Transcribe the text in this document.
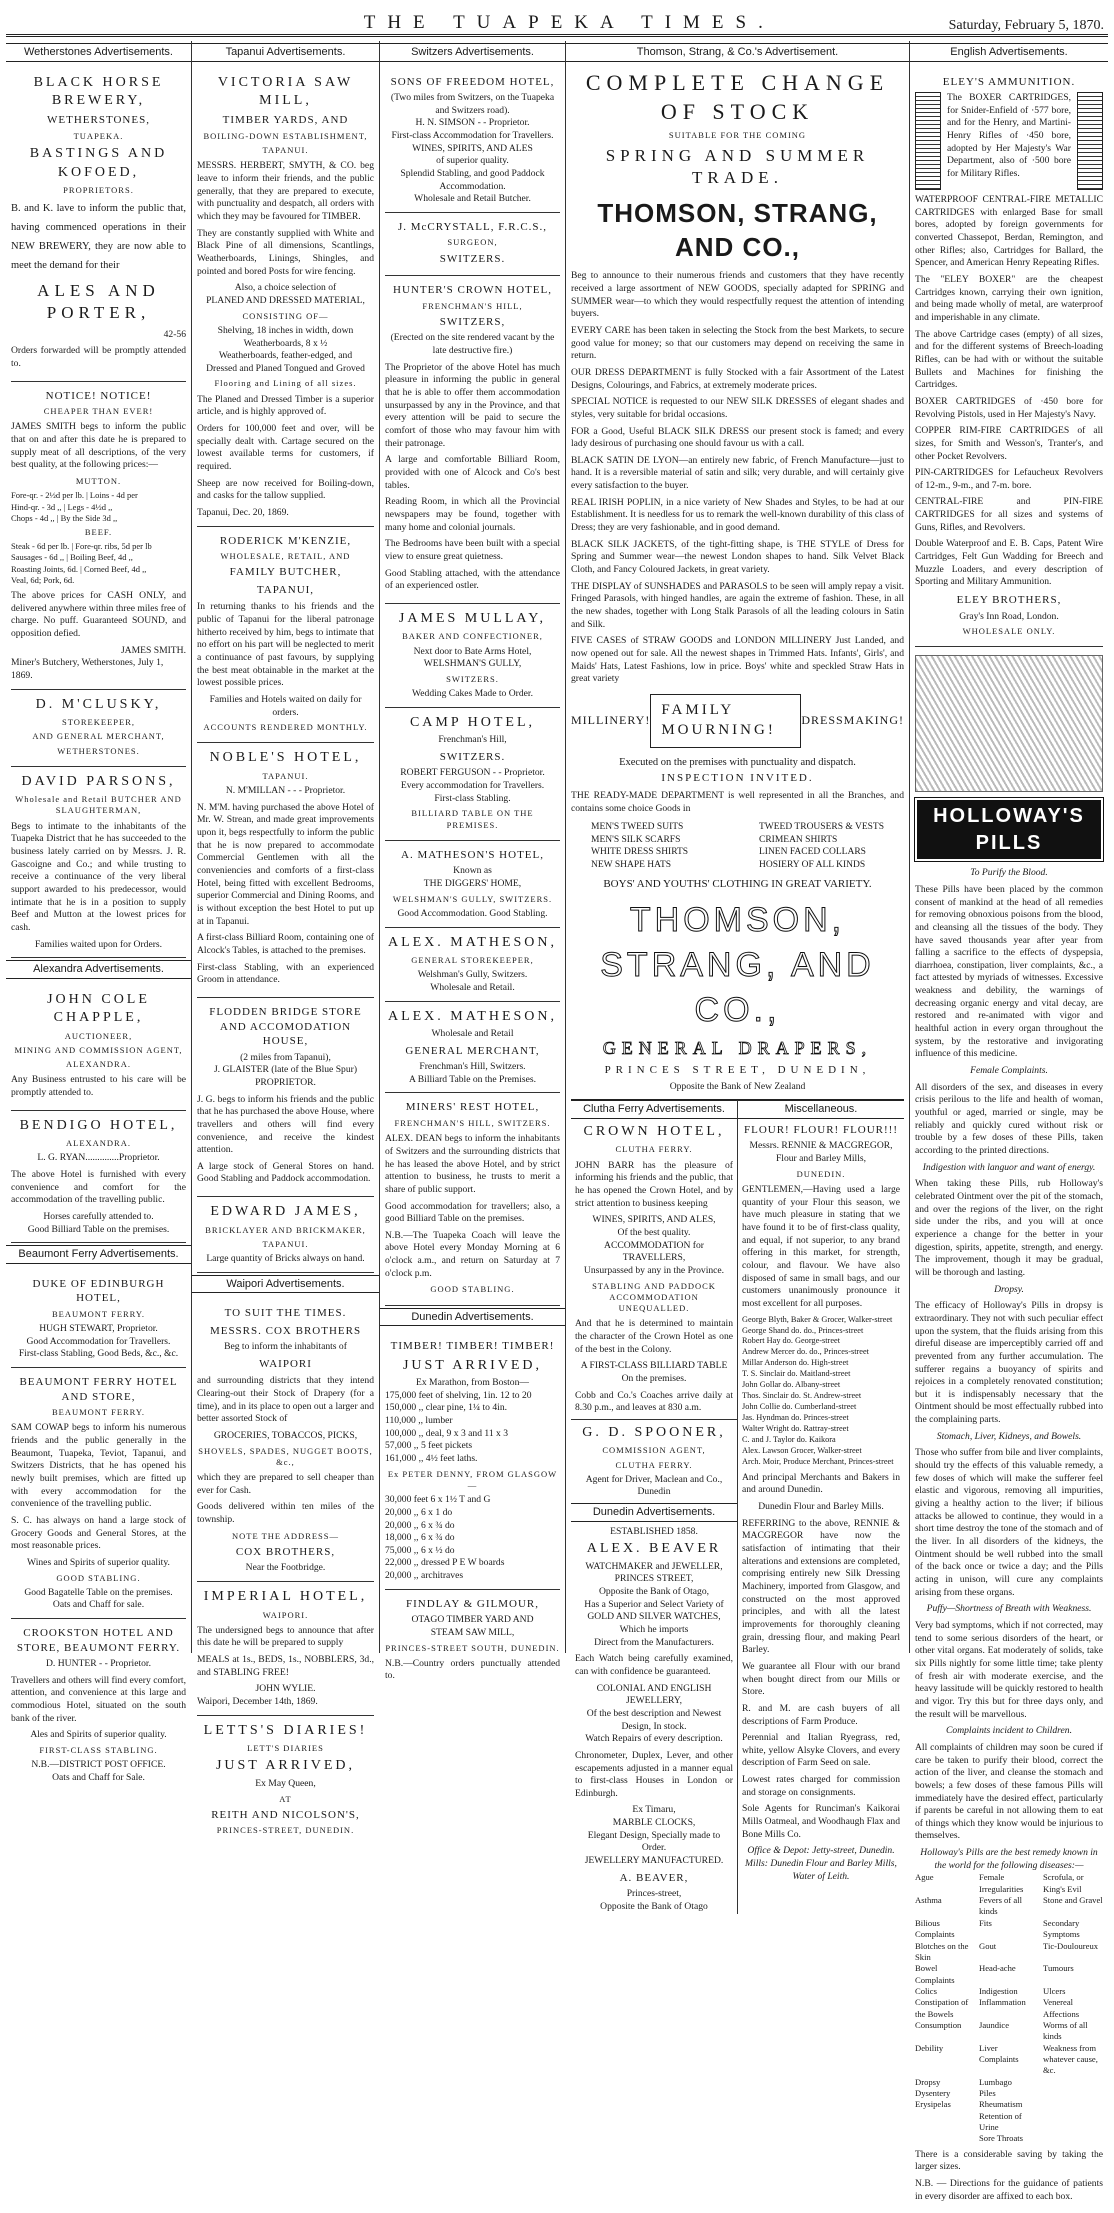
THE TUAPEKA TIMES.	Saturday, February 5, 1870.
Wetherstones Advertisements.
BLACK HORSE BREWERY,
WETHERSTONES,
TUAPEKA.
BASTINGS AND KOFOED,
PROPRIETORS.
B. and K. lave to inform the public that, having commenced operations in their NEW BREWERY, they are now able to meet the demand for their
ALES AND PORTER,
42-56
Orders forwarded will be promptly attended to.
NOTICE! NOTICE!
CHEAPER THAN EVER!
JAMES SMITH begs to inform the public that on and after this date he is prepared to supply meat of all descriptions, of the very best quality, at the following prices:—
MUTTON.
Fore-qr. - 2½d per lb. | Loins - 4d per
Hind-qr. - 3d ,, | Legs - 4½d ,,
Chops - 4d ,, | By the Side 3d ,,
BEEF.
Steak - 6d per lb. | Fore-qr. ribs, 5d per lb
Sausages - 6d ,, | Boiling Beef, 4d ,,
Roasting Joints, 6d. | Corned Beef, 4d ,,
Veal, 6d; Pork, 6d.
The above prices for CASH ONLY, and delivered anywhere within three miles free of charge. No puff. Guaranteed SOUND, and opposition defied.
JAMES SMITH.
Miner's Butchery, Wetherstones, July 1, 1869.
D. M'CLUSKY,
STOREKEEPER,
AND GENERAL MERCHANT,
WETHERSTONES.
DAVID PARSONS,
Wholesale and Retail BUTCHER AND SLAUGHTERMAN,
Begs to intimate to the inhabitants of the Tuapeka District that he has succeeded to the business lately carried on by Messrs. J. R. Gascoigne and Co.; and while trusting to receive a continuance of the very liberal support awarded to his predecessor, would intimate that he is in a position to supply Beef and Mutton at the lowest prices for cash.
Families waited upon for Orders.
Alexandra Advertisements.
JOHN COLE CHAPPLE,
AUCTIONEER,
MINING AND COMMISSION AGENT,
ALEXANDRA.
Any Business entrusted to his care will be promptly attended to.
BENDIGO HOTEL,
ALEXANDRA.
L. G. RYAN..............Proprietor.
The above Hotel is furnished with every convenience and comfort for the accommodation of the travelling public.
Horses carefully attended to.
Good Billiard Table on the premises.
Beaumont Ferry Advertisements.
DUKE OF EDINBURGH HOTEL,
BEAUMONT FERRY.
HUGH STEWART, Proprietor.
Good Accommodation for Travellers.
First-class Stabling, Good Beds, &c., &c.
BEAUMONT FERRY HOTEL AND STORE,
BEAUMONT FERRY.
SAM COWAP begs to inform his numerous friends and the public generally in the Beaumont, Tuapeka, Teviot, Tapanui, and Switzers Districts, that he has opened his newly built premises, which are fitted up with every accommodation for the convenience of the travelling public.
S. C. has always on hand a large stock of Grocery Goods and General Stores, at the most reasonable prices.
Wines and Spirits of superior quality.
GOOD STABLING.
Good Bagatelle Table on the premises.
Oats and Chaff for sale.
CROOKSTON HOTEL AND STORE, BEAUMONT FERRY.
D. HUNTER - - Proprietor.
Travellers and others will find every comfort, attention, and convenience at this large and commodious Hotel, situated on the south bank of the river.
Ales and Spirits of superior quality.
FIRST-CLASS STABLING.
N.B.—DISTRICT POST OFFICE.
Oats and Chaff for Sale.
Tapanui Advertisements.
VICTORIA SAW MILL,
TIMBER YARDS, AND
BOILING-DOWN ESTABLISHMENT,
TAPANUI.
MESSRS. HERBERT, SMYTH, & CO. beg leave to inform their friends, and the public generally, that they are prepared to execute, with punctuality and despatch, all orders with which they may be favoured for TIMBER.
They are constantly supplied with White and Black Pine of all dimensions, Scantlings, Weatherboards, Linings, Shingles, and pointed and bored Posts for wire fencing.
Also, a choice selection of
PLANED AND DRESSED MATERIAL,
CONSISTING OF—
Shelving, 18 inches in width, down
Weatherboards, 8 x ½
Weatherboards, feather-edged, and
Dressed and Planed Tongued and Groved
Flooring and Lining of all sizes.
The Planed and Dressed Timber is a superior article, and is highly approved of.
Orders for 100,000 feet and over, will be specially dealt with. Cartage secured on the lowest available terms for customers, if required.
Sheep are now received for Boiling-down, and casks for the tallow supplied.
Tapanui, Dec. 20, 1869.
RODERICK M'KENZIE,
WHOLESALE, RETAIL, AND
FAMILY BUTCHER,
TAPANUI,
In returning thanks to his friends and the public of Tapanui for the liberal patronage hitherto received by him, begs to intimate that no effort on his part will be neglected to merit a continuance of past favours, by supplying the best meat obtainable in the market at the lowest possible prices.
Families and Hotels waited on daily for orders.
ACCOUNTS RENDERED MONTHLY.
NOBLE'S HOTEL,
TAPANUI.
N. M'MILLAN - - - Proprietor.
N. M'M. having purchased the above Hotel of Mr. W. Strean, and made great improvements upon it, begs respectfully to inform the public that he is now prepared to accommodate Commercial Gentlemen with all the conveniencies and comforts of a first-class Hotel, being fitted with excellent Bedrooms, superior Commercial and Dining Rooms, and is without exception the best Hotel to put up at in Tapanui.
A first-class Billiard Room, containing one of Alcock's Tables, is attached to the premises.
First-class Stabling, with an experienced Groom in attendance.
FLODDEN BRIDGE STORE AND ACCOMODATION HOUSE,
(2 miles from Tapanui),
J. GLAISTER (late of the Blue Spur) PROPRIETOR.
J. G. begs to inform his friends and the public that he has purchased the above House, where travellers and others will find every convenience, and receive the kindest attention.
A large stock of General Stores on hand. Good Stabling and Paddock accommodation.
EDWARD JAMES,
BRICKLAYER AND BRICKMAKER,
TAPANUI.
Large quantity of Bricks always on hand.
Waipori Advertisements.
TO SUIT THE TIMES.
MESSRS. COX BROTHERS
Beg to inform the inhabitants of
WAIPORI
and surrounding districts that they intend Clearing-out their Stock of Drapery (for a time), and in its place to open out a larger and better assorted Stock of
GROCERIES, TOBACCOS, PICKS,
SHOVELS, SPADES, NUGGET BOOTS, &c.,
which they are prepared to sell cheaper than ever for Cash.
Goods delivered within ten miles of the township.
NOTE THE ADDRESS—
COX BROTHERS,
Near the Footbridge.
IMPERIAL HOTEL,
WAIPORI.
The undersigned begs to announce that after this date he will be prepared to supply
MEALS at 1s., BEDS, 1s., NOBBLERS, 3d., and STABLING FREE!
JOHN WYLIE.
Waipori, December 14th, 1869.
LETTS'S DIARIES!
LETT'S DIARIES
JUST ARRIVED,
Ex May Queen,
AT
REITH AND NICOLSON'S,
PRINCES-STREET, DUNEDIN.
Switzers Advertisements.
SONS OF FREEDOM HOTEL,
(Two miles from Switzers, on the Tuapeka and Switzers road).
H. N. SIMSON - - Proprietor.
First-class Accommodation for Travellers.
WINES, SPIRITS, AND ALES
of superior quality.
Splendid Stabling, and good Paddock Accommodation.
Wholesale and Retail Butcher.
J. McCRYSTALL, F.R.C.S.,
SURGEON,
SWITZERS.
HUNTER'S CROWN HOTEL,
FRENCHMAN'S HILL,
SWITZERS,
(Erected on the site rendered vacant by the late destructive fire.)
The Proprietor of the above Hotel has much pleasure in informing the public in general that he is able to offer them accommodation unsurpassed by any in the Province, and that every attention will be paid to secure the comfort of those who may favour him with their patronage.
A large and comfortable Billiard Room, provided with one of Alcock and Co's best tables.
Reading Room, in which all the Provincial newspapers may be found, together with many home and colonial journals.
The Bedrooms have been built with a special view to ensure great quietness.
Good Stabling attached, with the attendance of an experienced ostler.
JAMES MULLAY,
BAKER AND CONFECTIONER,
Next door to Bate Arms Hotel,
WELSHMAN'S GULLY,
SWITZERS.
Wedding Cakes Made to Order.
CAMP HOTEL,
Frenchman's Hill,
SWITZERS.
ROBERT FERGUSON - - Proprietor.
Every accommodation for Travellers.
First-class Stabling.
BILLIARD TABLE ON THE PREMISES.
A. MATHESON'S HOTEL,
Known as
THE DIGGERS' HOME,
WELSHMAN'S GULLY, SWITZERS.
Good Accommodation. Good Stabling.
ALEX. MATHESON,
GENERAL STOREKEEPER,
Welshman's Gully, Switzers.
Wholesale and Retail.
ALEX. MATHESON,
Wholesale and Retail
GENERAL MERCHANT,
Frenchman's Hill, Switzers.
A Billiard Table on the Premises.
MINERS' REST HOTEL,
FRENCHMAN'S HILL, SWITZERS.
ALEX. DEAN begs to inform the inhabitants of Switzers and the surrounding districts that he has leased the above Hotel, and by strict attention to business, he trusts to merit a share of public support.
Good accommodation for travellers; also, a good Billiard Table on the premises.
N.B.—The Tuapeka Coach will leave the above Hotel every Monday Morning at 6 o'clock a.m., and return on Saturday at 7 o'clock p.m.
GOOD STABLING.
Dunedin Advertisements.
TIMBER! TIMBER! TIMBER!
JUST ARRIVED,
Ex Marathon, from Boston—
175,000 feet of shelving, 1in. 12 to 20
150,000 ,, clear pine, 1¼ to 4in.
110,000 ,, lumber
100,000 ,, deal, 9 x 3 and 11 x 3
57,000 ,, 5 feet pickets
161,000 ,, 4½ feet laths.
Ex PETER DENNY, FROM GLASGOW—
30,000 feet 6 x 1½ T and G
20,000 ,, 6 x 1 do
20,000 ,, 6 x ¾ do
18,000 ,, 6 x ¾ do
75,000 ,, 6 x ½ do
22,000 ,, dressed P E W boards
20,000 ,, architraves
FINDLAY & GILMOUR,
OTAGO TIMBER YARD AND
STEAM SAW MILL,
PRINCES-STREET SOUTH, DUNEDIN.
N.B.—Country orders punctually attended to.
Thomson, Strang, & Co.'s Advertisement.
COMPLETE CHANGE OF STOCK
SUITABLE FOR THE COMING
SPRING AND SUMMER TRADE.
THOMSON, STRANG, AND CO.,
Beg to announce to their numerous friends and customers that they have recently received a large assortment of NEW GOODS, specially adapted for SPRING and SUMMER wear—to which they would respectfully request the attention of intending buyers.
EVERY CARE has been taken in selecting the Stock from the best Markets, to secure good value for money; so that our customers may depend on receiving the same in return.
OUR DRESS DEPARTMENT is fully Stocked with a fair Assortment of the Latest Designs, Colourings, and Fabrics, at extremely moderate prices.
SPECIAL NOTICE is requested to our NEW SILK DRESSES of elegant shades and styles, very suitable for bridal occasions.
FOR a Good, Useful BLACK SILK DRESS our present stock is famed; and every lady desirous of purchasing one should favour us with a call.
BLACK SATIN DE LYON—an entirely new fabric, of French Manufacture—just to hand. It is a reversible material of satin and silk; very durable, and will certainly give every satisfaction to the buyer.
REAL IRISH POPLIN, in a nice variety of New Shades and Styles, to be had at our Establishment. It is needless for us to remark the well-known durability of this class of Dress; they are very fashionable, and in good demand.
BLACK SILK JACKETS, of the tight-fitting shape, is THE STYLE of Dress for Spring and Summer wear—the newest London shapes to hand. Silk Velvet Black Cloth, and Fancy Coloured Jackets, in great variety.
THE DISPLAY of SUNSHADES and PARASOLS to be seen will amply repay a visit. Fringed Parasols, with hinged handles, are again the extreme of fashion. These, in all the new shades, together with Long Stalk Parasols of all the leading colours in Satin and Silk.
FIVE CASES of STRAW GOODS and LONDON MILLINERY Just Landed, and now opened out for sale. All the newest shapes in Trimmed Hats. Infants', Girls', and Maids' Hats, Latest Fashions, low in price. Boys' white and speckled Straw Hats in great variety
MILLINERY!
FAMILY MOURNING!
DRESSMAKING!
Executed on the premises with punctuality and dispatch.
INSPECTION INVITED.
THE READY-MADE DEPARTMENT is well represented in all the Branches, and contains some choice Goods in
MEN'S TWEED SUITS
MEN'S SILK SCARFS
WHITE DRESS SHIRTS
NEW SHAPE HATS
TWEED TROUSERS & VESTS
CRIMEAN SHIRTS
LINEN FACED COLLARS
HOSIERY OF ALL KINDS
BOYS' AND YOUTHS' CLOTHING IN GREAT VARIETY.
THOMSON, STRANG, AND CO.,
GENERAL DRAPERS,
PRINCES STREET, DUNEDIN,
Opposite the Bank of New Zealand
Clutha Ferry Advertisements.
CROWN HOTEL,
CLUTHA FERRY.
JOHN BARR has the pleasure of informing his friends and the public, that he has opened the Crown Hotel, and by strict attention to business keeping
WINES, SPIRITS, AND ALES,
Of the best quality.
ACCOMMODATION for TRAVELLERS,
Unsurpassed by any in the Province.
STABLING AND PADDOCK ACCOMMODATION UNEQUALLED.
And that he is determined to maintain the character of the Crown Hotel as one of the best in the Colony.
A FIRST-CLASS BILLIARD TABLE
On the premises.
Cobb and Co.'s Coaches arrive daily at 8.30 p.m., and leaves at 830 a.m.
G. D. SPOONER,
COMMISSION AGENT,
CLUTHA FERRY.
Agent for Driver, Maclean and Co., Dunedin
Dunedin Advertisements.
ESTABLISHED 1858.
ALEX. BEAVER
WATCHMAKER and JEWELLER,
PRINCES STREET,
Opposite the Bank of Otago,
Has a Superior and Select Variety of
GOLD AND SILVER WATCHES,
Which he imports
Direct from the Manufacturers.
Each Watch being carefully examined, can with confidence be guaranteed.
COLONIAL AND ENGLISH JEWELLERY,
Of the best description and Newest Design, In stock.
Watch Repairs of every description.
Chronometer, Duplex, Lever, and other escapements adjusted in a manner equal to first-class Houses in London or Edinburgh.
Ex Timaru,
MARBLE CLOCKS,
Elegant Design, Specially made to Order.
JEWELLERY MANUFACTURED.
A. BEAVER,
Princes-street,
Opposite the Bank of Otago
Miscellaneous.
FLOUR! FLOUR! FLOUR!!!
Messrs. RENNIE & MACGREGOR,
Flour and Barley Mills,
DUNEDIN.
GENTLEMEN,—Having used a large quantity of your Flour this season, we have much pleasure in stating that we have found it to be of first-class quality, and equal, if not superior, to any brand offering in this market, for strength, colour, and flavour. We have also disposed of same in small bags, and our customers unanimously pronounce it most excellent for all purposes.
George Blyth, Baker & Grocer, Walker-street
George Shand do. do., Princes-street
Robert Hay do. George-street
Andrew Mercer do. do., Princes-street
Millar Anderson do. High-street
T. S. Sinclair do. Maitland-street
John Gollar do. Albany-street
Thos. Sinclair do. St. Andrew-street
John Collie do. Cumberland-street
Jas. Hyndman do. Princes-street
Walter Wright do. Rattray-street
C. and J. Taylor do. Kaikora
Alex. Lawson Grocer, Walker-street
Arch. Moir, Produce Merchant, Princes-street
And principal Merchants and Bakers in and around Dunedin.
Dunedin Flour and Barley Mills.
REFERRING to the above, RENNIE & MACGREGOR have now the satisfaction of intimating that their alterations and extensions are completed, comprising entirely new Silk Dressing Machinery, imported from Glasgow, and constructed on the most approved principles, and with all the latest improvements for thoroughly cleaning grain, dressing flour, and making Pearl Barley.
We guarantee all Flour with our brand when bought direct from our Mills or Store.
R. and M. are cash buyers of all descriptions of Farm Produce.
Perennial and Italian Ryegrass, red, white, yellow Alsyke Clovers, and every description of Farm Seed on sale.
Lowest rates charged for commission and storage on consignments.
Sole Agents for Runciman's Kaikorai Mills Oatmeal, and Woodhaugh Flax and Bone Mills Co.
Office & Depot: Jetty-street, Dunedin.
Mills: Dunedin Flour and Barley Mills, Water of Leith.
English Advertisements.
ELEY'S AMMUNITION.
The BOXER CARTRIDGES, for Snider-Enfield of ·577 bore, and for the Henry, and Martini-Henry Rifles of ·450 bore, adopted by Her Majesty's War Department, also of ·500 bore for Military Rifles.
WATERPROOF CENTRAL-FIRE METALLIC CARTRIDGES with enlarged Base for small bores, adopted by foreign governments for converted Chassepot, Berdan, Remington, and other Rifles; also, Cartridges for Ballard, the Spencer, and American Henry Repeating Rifles.
The "ELEY BOXER" are the cheapest Cartridges known, carrying their own ignition, and being made wholly of metal, are waterproof and imperishable in any climate.
The above Cartridge cases (empty) of all sizes, and for the different systems of Breech-loading Rifles, can be had with or without the suitable Bullets and Machines for finishing the Cartridges.
BOXER CARTRIDGES of ·450 bore for Revolving Pistols, used in Her Majesty's Navy.
COPPER RIM-FIRE CARTRIDGES of all sizes, for Smith and Wesson's, Tranter's, and other Pocket Revolvers.
PIN-CARTRIDGES for Lefaucheux Revolvers of 12-m., 9-m., and 7-m. bore.
CENTRAL-FIRE and PIN-FIRE CARTRIDGES for all sizes and systems of Guns, Rifles, and Revolvers.
Double Waterproof and E. B. Caps, Patent Wire Cartridges, Felt Gun Wadding for Breech and Muzzle Loaders, and every description of Sporting and Military Ammunition.
ELEY BROTHERS,
Gray's Inn Road, London.
WHOLESALE ONLY.
HOLLOWAY'S PILLS
To Purify the Blood.
These Pills have been placed by the common consent of mankind at the head of all remedies for removing obnoxious poisons from the blood, and cleansing all the tissues of the body. They have saved thousands year after year from falling a sacrifice to the effects of dyspepsia, diarrhoea, constipation, liver complaints, &c., a fact attested by myriads of witnesses. Excessive weakness and debility, the warnings of decreasing organic energy and vital decay, are restored and re-animated with vigor and healthful action in every organ throughout the system, by the restorative and invigorating influence of this medicine.
Female Complaints.
All disorders of the sex, and diseases in every crisis perilous to the life and health of woman, youthful or aged, married or single, may be reliably and quickly cured without risk or trouble by a few doses of these Pills, taken according to the printed directions.
Indigestion with languor and want of energy.
When taking these Pills, rub Holloway's celebrated Ointment over the pit of the stomach, and over the regions of the liver, on the right side under the ribs, and you will at once experience a change for the better in your digestion, spirits, appetite, strength, and energy. The improvement, though it may be gradual, will be thorough and lasting.
Dropsy.
The efficacy of Holloway's Pills in dropsy is extraordinary. They not with such peculiar effect upon the system, that the fluids arising from this direful disease are imperceptibly carried off and prevented from any further accumulation. The sufferer regains a buoyancy of spirits and rejoices in a completely renovated constitution; but it is indispensably necessary that the Ointment should be most effectually rubbed into the complaining parts.
Stomach, Liver, Kidneys, and Bowels.
Those who suffer from bile and liver complaints, should try the effects of this valuable remedy, a few doses of which will make the sufferer feel elastic and vigorous, removing all impurities, giving a healthy action to the liver; if bilious attacks be allowed to continue, they would in a short time destroy the tone of the stomach and of the liver. In all disorders of the kidneys, the Ointment should be well rubbed into the small of the back once or twice a day; and the Pills acting in unison, will cure any complaints arising from these organs.
Puffy—Shortness of Breath with Weakness.
Very bad symptoms, which if not corrected, may tend to some serious disorders of the heart, or other vital organs. Eat moderately of solids, take six Pills nightly for some little time; take plenty of fresh air with moderate exercise, and the heavy lassitude will be quickly restored to health and vigor. Try this but for three days only, and the result will be marvellous.
Complaints incident to Children.
All complaints of children may soon be cured if care be taken to purify their blood, correct the action of the liver, and cleanse the stomach and bowels; a few doses of these famous Pills will immediately have the desired effect, particularly if parents be careful in not allowing them to eat of things which they know would be injurious to themselves.
Holloway's Pills are the best remedy known in the world for the following diseases:—
Ague	Female Irregularities
Scrofula, or King's Evil
Asthma	Fevers of all kinds
Stone and Gravel
Bilious Complaints
Fits	Secondary Symptoms
Blotches on the Skin
Gout	Tic-Douloureux
Bowel Complaints
Head-ache	Tumours
Colics	Indigestion	Ulcers
Constipation of the Bowels
Inflammation	Venereal Affections
Consumption	Jaundice	Worms of all kinds
Debility	Liver Complaints
Weakness from whatever cause, &c.
Dropsy	Lumbago
Dysentery	Piles
Erysipelas	Rheumatism
Retention of Urine
Sore Throats
There is a considerable saving by taking the larger sizes.
N.B. — Directions for the guidance of patients in every disorder are affixed to each box.
